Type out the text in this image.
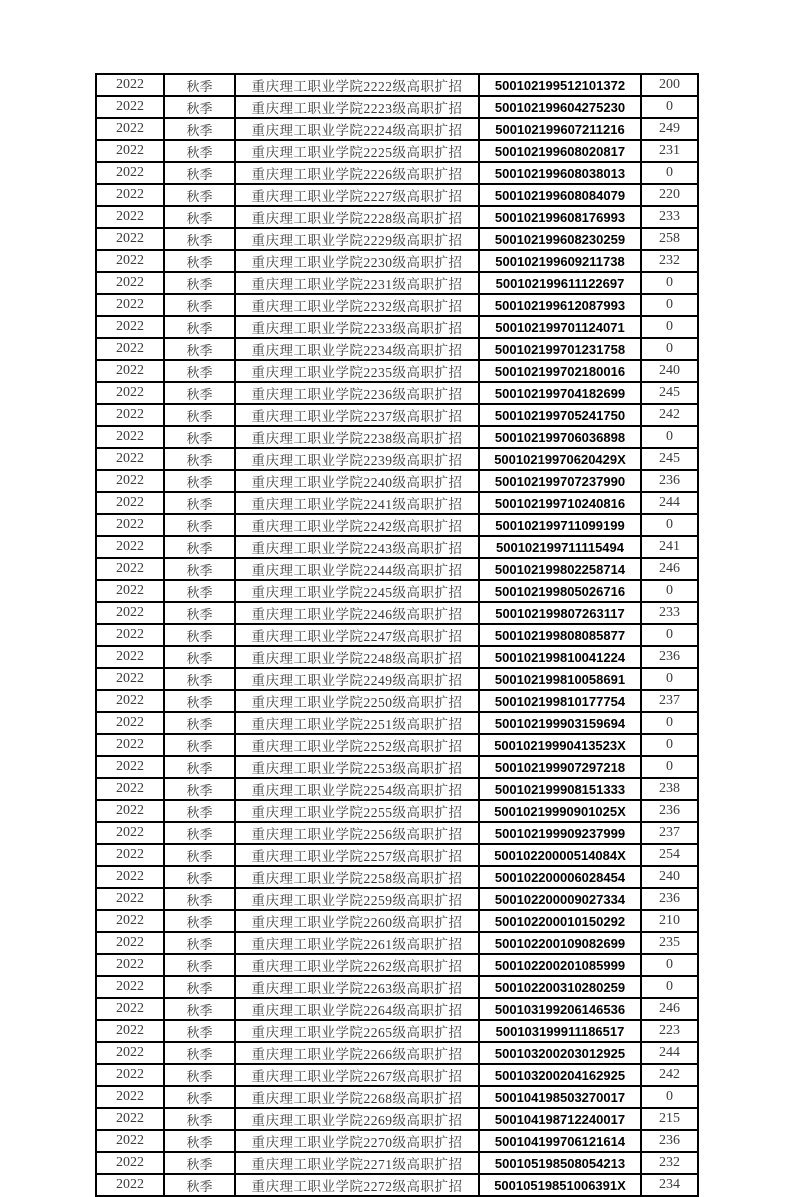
2022	秋季	重庆理工职业学院2222级高职扩招	500102199512101372	200
2022	秋季	重庆理工职业学院2223级高职扩招	500102199604275230	0
2022	秋季	重庆理工职业学院2224级高职扩招	500102199607211216	249
2022	秋季	重庆理工职业学院2225级高职扩招	500102199608020817	231
2022	秋季	重庆理工职业学院2226级高职扩招	500102199608038013	0
2022	秋季	重庆理工职业学院2227级高职扩招	500102199608084079	220
2022	秋季	重庆理工职业学院2228级高职扩招	500102199608176993	233
2022	秋季	重庆理工职业学院2229级高职扩招	500102199608230259	258
2022	秋季	重庆理工职业学院2230级高职扩招	500102199609211738	232
2022	秋季	重庆理工职业学院2231级高职扩招	500102199611122697	0
2022	秋季	重庆理工职业学院2232级高职扩招	500102199612087993	0
2022	秋季	重庆理工职业学院2233级高职扩招	500102199701124071	0
2022	秋季	重庆理工职业学院2234级高职扩招	500102199701231758	0
2022	秋季	重庆理工职业学院2235级高职扩招	500102199702180016	240
2022	秋季	重庆理工职业学院2236级高职扩招	500102199704182699	245
2022	秋季	重庆理工职业学院2237级高职扩招	500102199705241750	242
2022	秋季	重庆理工职业学院2238级高职扩招	500102199706036898	0
2022	秋季	重庆理工职业学院2239级高职扩招	50010219970620429X	245
2022	秋季	重庆理工职业学院2240级高职扩招	500102199707237990	236
2022	秋季	重庆理工职业学院2241级高职扩招	500102199710240816	244
2022	秋季	重庆理工职业学院2242级高职扩招	500102199711099199	0
2022	秋季	重庆理工职业学院2243级高职扩招	500102199711115494	241
2022	秋季	重庆理工职业学院2244级高职扩招	500102199802258714	246
2022	秋季	重庆理工职业学院2245级高职扩招	500102199805026716	0
2022	秋季	重庆理工职业学院2246级高职扩招	500102199807263117	233
2022	秋季	重庆理工职业学院2247级高职扩招	500102199808085877	0
2022	秋季	重庆理工职业学院2248级高职扩招	500102199810041224	236
2022	秋季	重庆理工职业学院2249级高职扩招	500102199810058691	0
2022	秋季	重庆理工职业学院2250级高职扩招	500102199810177754	237
2022	秋季	重庆理工职业学院2251级高职扩招	500102199903159694	0
2022	秋季	重庆理工职业学院2252级高职扩招	50010219990413523X	0
2022	秋季	重庆理工职业学院2253级高职扩招	500102199907297218	0
2022	秋季	重庆理工职业学院2254级高职扩招	500102199908151333	238
2022	秋季	重庆理工职业学院2255级高职扩招	50010219990901025X	236
2022	秋季	重庆理工职业学院2256级高职扩招	500102199909237999	237
2022	秋季	重庆理工职业学院2257级高职扩招	50010220000514084X	254
2022	秋季	重庆理工职业学院2258级高职扩招	500102200006028454	240
2022	秋季	重庆理工职业学院2259级高职扩招	500102200009027334	236
2022	秋季	重庆理工职业学院2260级高职扩招	500102200010150292	210
2022	秋季	重庆理工职业学院2261级高职扩招	500102200109082699	235
2022	秋季	重庆理工职业学院2262级高职扩招	500102200201085999	0
2022	秋季	重庆理工职业学院2263级高职扩招	500102200310280259	0
2022	秋季	重庆理工职业学院2264级高职扩招	500103199206146536	246
2022	秋季	重庆理工职业学院2265级高职扩招	500103199911186517	223
2022	秋季	重庆理工职业学院2266级高职扩招	500103200203012925	244
2022	秋季	重庆理工职业学院2267级高职扩招	500103200204162925	242
2022	秋季	重庆理工职业学院2268级高职扩招	500104198503270017	0
2022	秋季	重庆理工职业学院2269级高职扩招	500104198712240017	215
2022	秋季	重庆理工职业学院2270级高职扩招	500104199706121614	236
2022	秋季	重庆理工职业学院2271级高职扩招	500105198508054213	232
2022	秋季	重庆理工职业学院2272级高职扩招	50010519851006391X	234
